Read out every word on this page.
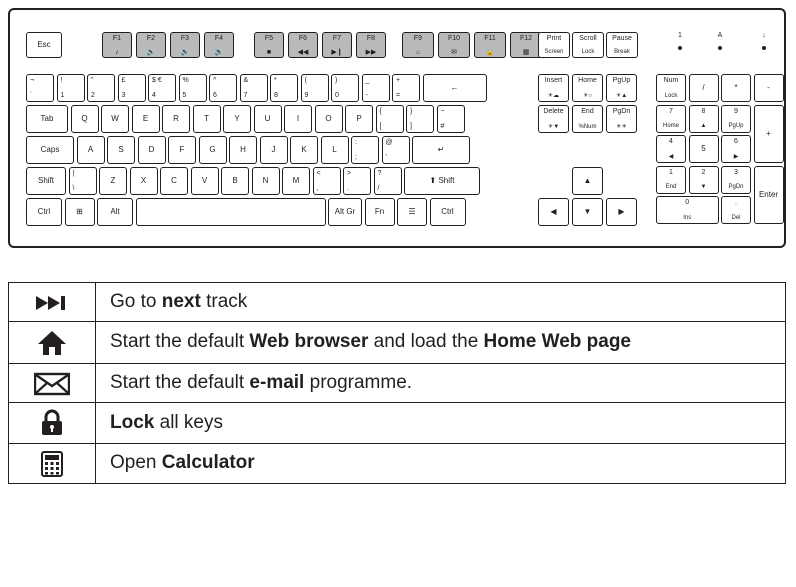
Esc
F1
♪
F2
🔈
F3
🔉
F4
🔊
F5
■
F6
◀◀
F7
▶❙
F8
▶▶
F9
⌂
F10
✉
F11
🔒
F12
▦
Print
Screen
Scroll
Lock
Pause
Break
1	A	↓
¬
`
!
1
"
2
£
3
$ €
4
%
5
^
6
&
7
*
8
(
9
)
0
_
-
+
=
←
Tab	Q	W	E	R	T	Y	U	I	O	P
{
[
}
]
~
#
Caps	A	S	D	F	G	H	J	K	L
:
;
@
'
↵
Shift
|
\
Z	X	C	V	B	N	M
<
,
>
.
?
/
⬆ Shift
Ctrl	⊞	Alt	Alt Gr	Fn	☰	Ctrl
Insert
☀☁
Home
☀○
PgUp
☀▲
Delete
☀▼
End
%Num
PgDn
☀☀
▲
◀	▼	▶
Num
Lock
/	*	-
7
Home
8
▲
9
PgUp
+
4
◀
5
6
▶
1
End
2
▼
3
PgDn
Enter
0
Ins
.
Del
	Go to next track
	Start the default Web browser and load the Home Web page
	Start the default e-mail programme.
	Lock all keys
	Open Calculator
